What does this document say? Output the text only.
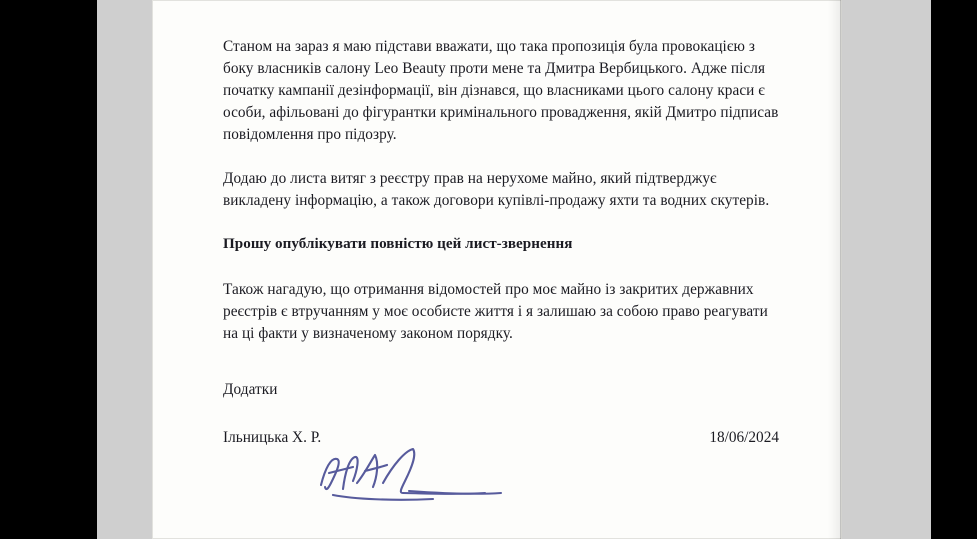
Станом на зараз я маю підстави вважати, що така пропозиція була провокацією з боку власників салону Leo Beauty проти мене та Дмитра Вербицького. Адже після початку кампанії дезінформації, він дізнався, що власниками цього салону краси є особи, афільовані до фігурантки кримінального провадження, якій Дмитро підписав повідомлення про підозру.

Додаю до листа витяг з реєстру прав на нерухоме майно, який підтверджує викладену інформацію, а також договори купівлі-продажу яхти та водних скутерів.

Прошу опублікувати повністю цей лист-звернення

Також нагадую, що отримання відомостей про моє майно із закритих державних реєстрів є втручанням у моє особисте життя і я залишаю за собою право реагувати на ці факти у визначеному законом порядку.

Додатки

Ільницька Х. Р.	18/06/2024
